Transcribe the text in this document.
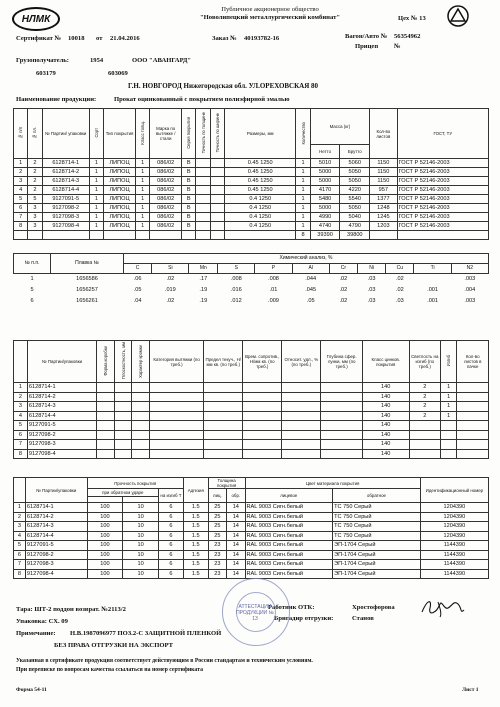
НЛМК
Публичное акционерное общество
"Новолипецкий металлургический комбинат"	Цех № 13
Сертификат № 10018 от 21.04.2016	Заказ № 40193782-16	Вагон/Авто № 56354962
Прицеп №
Грузополучатель:	1954	ООО "АВАНГАРД"
603179	603069
Г.Н. НОВГОРОД Нижегородская обл. УЛ.ОРЕХОВСКАЯ 80
Наименование продукции:	Прокат оцинкованный с покрытием полиэфирной эмалью
№ п/п	№ пл.	№ Партии/ упаковки	Сорт	Тип покрытия	Класс толщ.	Марка по вытяжке / стали	Серия покрытия	Точность по толщине	Точность по ширине	Размеры, мм	Количество	Масса (кг)		Кол-во листов	ГОСТ, ТУ
												Нетто	Брутто		
1	2	6128714-1	1	ЛИПОЦ	1	086/02	В			0.45 1250	1	5010	5060	1150	ГОСТ Р 52146-2003
2	2	6128714-2	1	ЛИПОЦ	1	086/02	В			0.45 1250	1	5000	5050	1150	ГОСТ Р 52146-2003
3	2	6128714-3	1	ЛИПОЦ	1	086/02	В			0.45 1250	1	5000	5050	1150	ГОСТ Р 52146-2003
4	2	6128714-4	1	ЛИПОЦ	1	086/02	В			0.45 1250	1	4170	4220	957	ГОСТ Р 52146-2003
5	5	9127091-5	1	ЛИПОЦ	1	086/02	В			0.4 1250	1	5480	5540	1377	ГОСТ Р 52146-2003
6	3	9127098-2	1	ЛИПОЦ	1	086/02	В			0.4 1250	1	5000	5050	1248	ГОСТ Р 52146-2003
7	3	9127098-3	1	ЛИПОЦ	1	086/02	В			0.4 1250	1	4990	5040	1245	ГОСТ Р 52146-2003
8	3	9127098-4	1	ЛИПОЦ	1	086/02	В			0.4 1250	1	4740	4790	1203	ГОСТ Р 52146-2003
											8	39390	39800		
№ п.п.	Плавка №	Химический анализ, %										
		C	Si	Mn	S	P	Al	Cr	Ni	Cu	Ti	N2
1	1656586	.06	.02	.17	.008	.008	.044	.02	.03	.02		.003
5	1656257	.05	.019	.19	.016	.01	.045	.02	.03	.02	.001	.004
6	1656261	.04	.02	.19	.012	.009	.05	.02	.03	.03	.001	.003
	№ Партии/упаковки	Форма коробки	Плоскостность, мм	Характер кромки	Категория вытяжки (по треб.)	Предел текуч., Н/мм кв. (по треб.)	Врем. сопротив., Н/мм кв. (по треб.)	Относит. удл., % (по треб.)	Глубина сфер. лунки, мм (по треб.)	Класс цинков. покрытия	Светлость на изгиб (по треб.)	Изгиб	Кол-во листов в пачке
1	6128714-1									140	2	1	
2	6128714-2									140	2	1	
3	6128714-3									140	2	1	
4	6128714-4									140	2	1	
5	9127091-5									140			
6	9127098-2									140			
7	9127098-3									140			
8	9127098-4									140			
	№ Партии/упаковки	Прочность покрытия			Адгезия	Толщина покрытия		Цвет материала покрытия		Идентификационный номер
		при обратном ударе		на изгиб T		лиц.	обр.	лицевое	обратное	

1	6128714-1	100	10	6	1.5	25	14	RAL 9003 Сигн.белый	TC 750 Серый	1204390
2	6128714-2	100	10	6	1.5	25	14	RAL 9003 Сигн.белый	TC 750 Серый	1204390
3	6128714-3	100	10	6	1.5	25	14	RAL 9003 Сигн.белый	TC 750 Серый	1204390
4	6128714-4	100	10	6	1.5	25	14	RAL 9003 Сигн.белый	TC 750 Серый	1204390
5	9127091-5	100	10	6	1.5	23	14	RAL 9003 Сигн.белый	ЭП-1704 Серый	1144390
6	9127098-2	100	10	6	1.5	23	14	RAL 9003 Сигн.белый	ЭП-1704 Серый	1144390
7	9127098-3	100	10	6	1.5	23	14	RAL 9003 Сигн.белый	ЭП-1704 Серый	1144390
8	9127098-4	100	10	6	1.5	23	14	RAL 9003 Сигн.белый	ЭП-1704 Серый	1144390
Тара: ШТ-2 поддон возврат. №2113/2	Работник ОТК:	Хростофорова
Упаковка: СХ. 09	Бригадир отгрузки:	Станов
Примечание: Н.В.1987096977 ПОЗ.2-С ЗАЩИТНОЙ ПЛЕНКОЙ
БЕЗ ПРАВА ОТГРУЗКИ НА ЭКСПОРТ
Указанная в сертификате продукция соответствует действующим в России стандартам и техническим условиям.
При переписке по вопросам качества ссылаться на номер сертификата
Форма 54-11	Лист 1
АТТЕСТАЦИИ ПРОДУКЦИИ № 13
